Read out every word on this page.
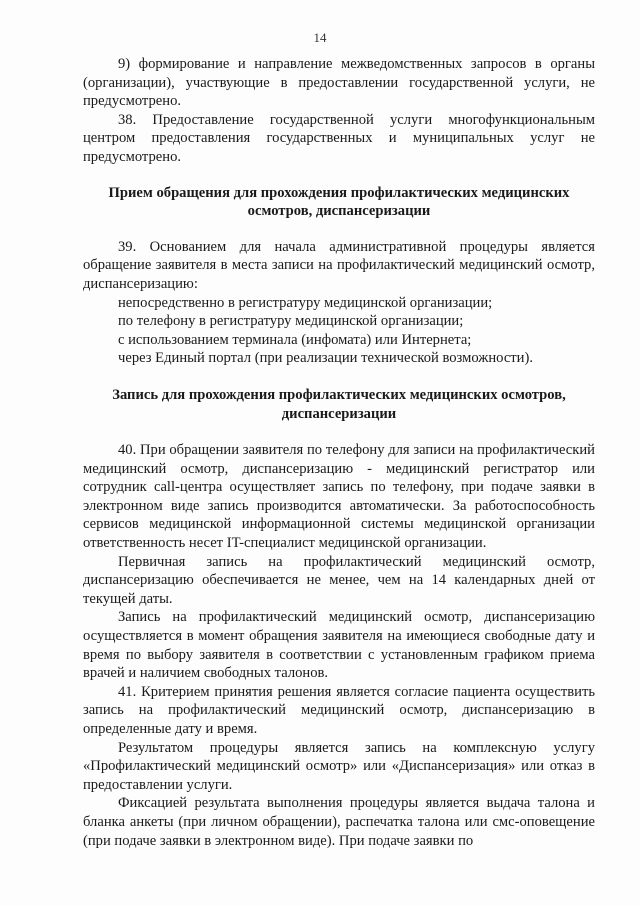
14

9) формирование и направление межведомственных запросов в органы (организации), участвующие в предоставлении государственной услуги, не предусмотрено.

38. Предоставление государственной услуги многофункциональным центром предоставления государственных и муниципальных услуг не предусмотрено.

Прием обращения для прохождения профилактических медицинских осмотров, диспансеризации

39. Основанием для начала административной процедуры является обращение заявителя в места записи на профилактический медицинский осмотр, диспансеризацию:

непосредственно в регистратуру медицинской организации;

по телефону в регистратуру медицинской организации;

с использованием терминала (инфомата) или Интернета;

через Единый портал (при реализации технической возможности).

Запись для прохождения профилактических медицинских осмотров, диспансеризации

40. При обращении заявителя по телефону для записи на профилактический медицинский осмотр, диспансеризацию - медицинский регистратор или сотрудник call-центра осуществляет запись по телефону, при подаче заявки в электронном виде запись производится автоматически. За работоспособность сервисов медицинской информационной системы медицинской организации ответственность несет IT-специалист медицинской организации.

Первичная запись на профилактический медицинский осмотр, диспансеризацию обеспечивается не менее, чем на 14 календарных дней от текущей даты.

Запись на профилактический медицинский осмотр, диспансеризацию осуществляется в момент обращения заявителя на имеющиеся свободные дату и время по выбору заявителя в соответствии с установленным графиком приема врачей и наличием свободных талонов.

41. Критерием принятия решения является согласие пациента осуществить запись на профилактический медицинский осмотр, диспансеризацию в определенные дату и время.

Результатом процедуры является запись на комплексную услугу «Профилактический медицинский осмотр» или «Диспансеризация» или отказ в предоставлении услуги.

Фиксацией результата выполнения процедуры является выдача талона и бланка анкеты (при личном обращении), распечатка талона или смс-оповещение (при подаче заявки в электронном виде). При подаче заявки по
